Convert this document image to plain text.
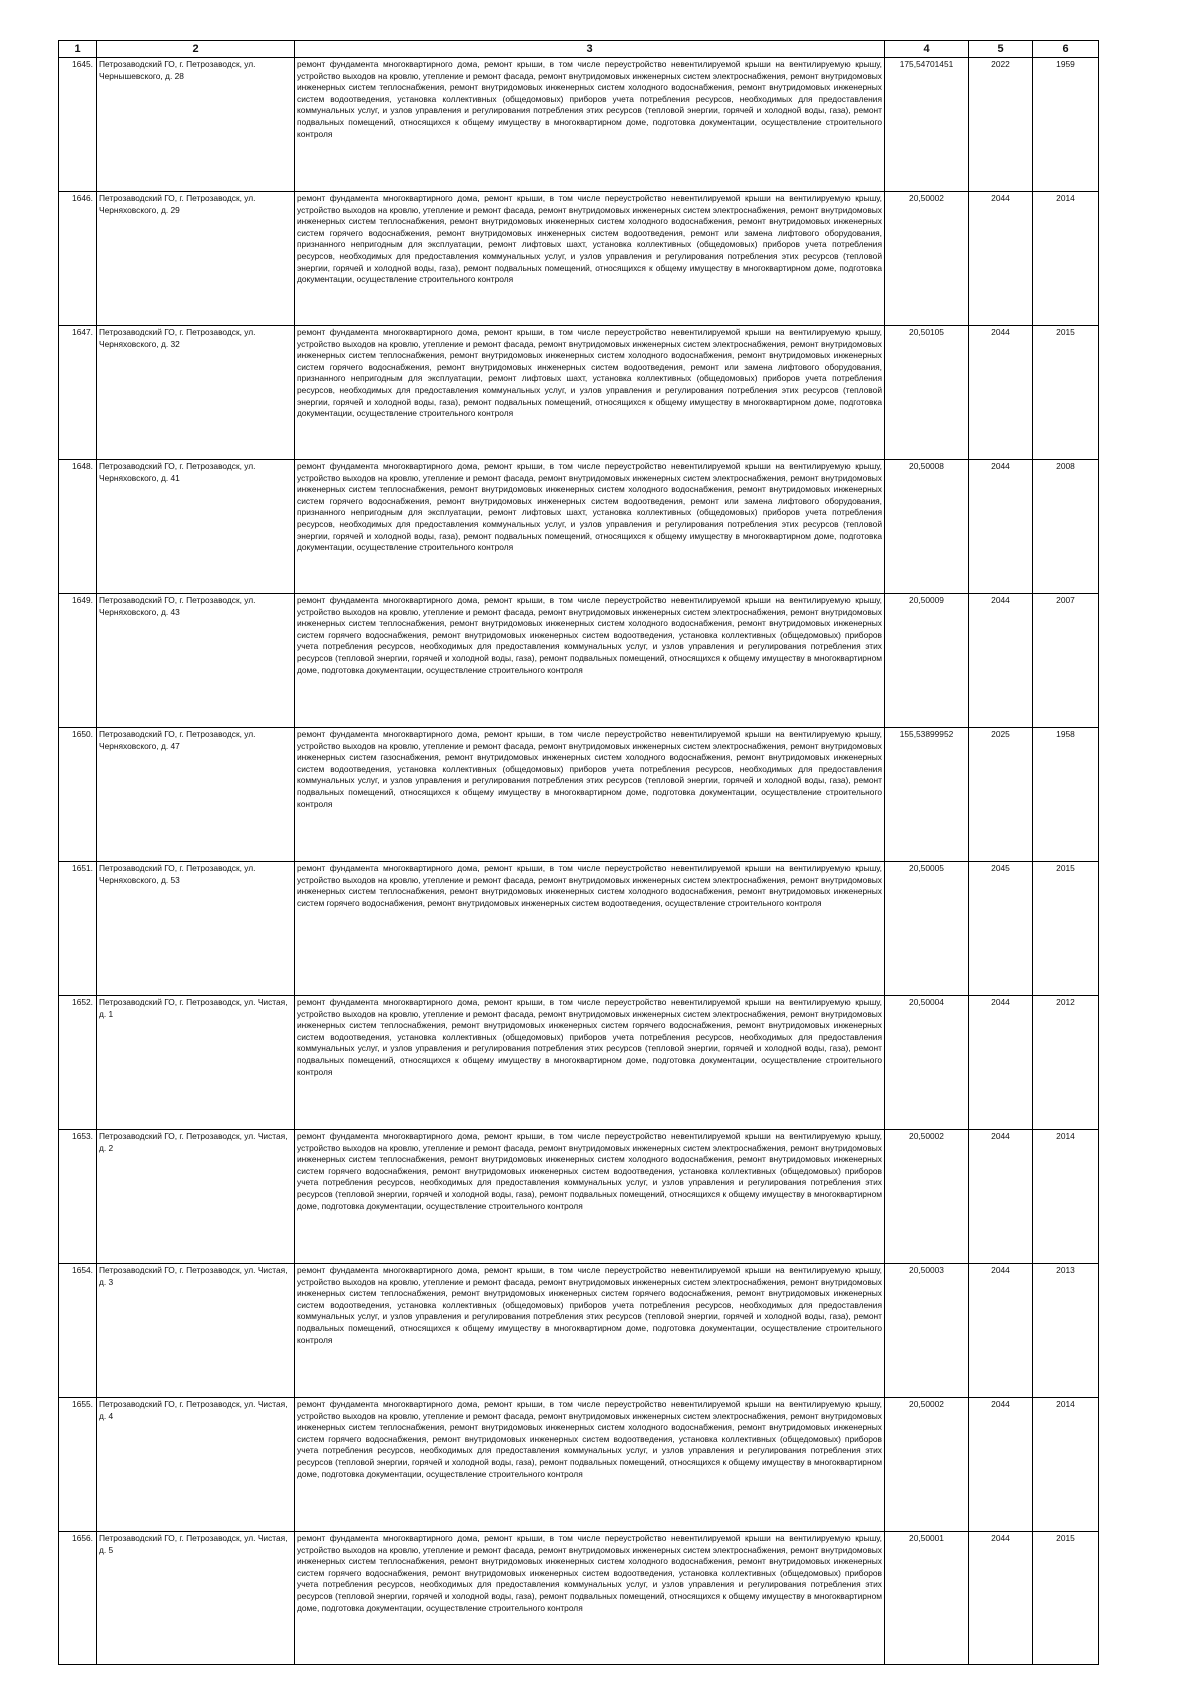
1	2	3	4	5	6
1645.	Петрозаводский ГО, г. Петрозаводск, ул. Чернышевского, д. 28	ремонт фундамента многоквартирного дома, ремонт крыши, в том числе переустройство невентилируемой крыши на вентилируемую крышу, устройство выходов на кровлю, утепление и ремонт фасада, ремонт внутридомовых инженерных систем электроснабжения, ремонт внутридомовых инженерных систем теплоснабжения, ремонт внутридомовых инженерных систем холодного водоснабжения, ремонт внутридомовых инженерных систем водоотведения, установка коллективных (общедомовых) приборов учета потребления ресурсов, необходимых для предоставления коммунальных услуг, и узлов управления и регулирования потребления этих ресурсов (тепловой энергии, горячей и холодной воды, газа), ремонт подвальных помещений, относящихся к общему имуществу в многоквартирном доме, подготовка документации, осуществление строительного контроля	175,54701451	2022	1959
1646.	Петрозаводский ГО, г. Петрозаводск, ул. Черняховского, д. 29	ремонт фундамента многоквартирного дома, ремонт крыши, в том числе переустройство невентилируемой крыши на вентилируемую крышу, устройство выходов на кровлю, утепление и ремонт фасада, ремонт внутридомовых инженерных систем электроснабжения, ремонт внутридомовых инженерных систем теплоснабжения, ремонт внутридомовых инженерных систем холодного водоснабжения, ремонт внутридомовых инженерных систем горячего водоснабжения, ремонт внутридомовых инженерных систем водоотведения, ремонт или замена лифтового оборудования, признанного непригодным для эксплуатации, ремонт лифтовых шахт, установка коллективных (общедомовых) приборов учета потребления ресурсов, необходимых для предоставления коммунальных услуг, и узлов управления и регулирования потребления этих ресурсов (тепловой энергии, горячей и холодной воды, газа), ремонт подвальных помещений, относящихся к общему имуществу в многоквартирном доме, подготовка документации, осуществление строительного контроля	20,50002	2044	2014
1647.	Петрозаводский ГО, г. Петрозаводск, ул. Черняховского, д. 32	ремонт фундамента многоквартирного дома, ремонт крыши, в том числе переустройство невентилируемой крыши на вентилируемую крышу, устройство выходов на кровлю, утепление и ремонт фасада, ремонт внутридомовых инженерных систем электроснабжения, ремонт внутридомовых инженерных систем теплоснабжения, ремонт внутридомовых инженерных систем холодного водоснабжения, ремонт внутридомовых инженерных систем горячего водоснабжения, ремонт внутридомовых инженерных систем водоотведения, ремонт или замена лифтового оборудования, признанного непригодным для эксплуатации, ремонт лифтовых шахт, установка коллективных (общедомовых) приборов учета потребления ресурсов, необходимых для предоставления коммунальных услуг, и узлов управления и регулирования потребления этих ресурсов (тепловой энергии, горячей и холодной воды, газа), ремонт подвальных помещений, относящихся к общему имуществу в многоквартирном доме, подготовка документации, осуществление строительного контроля	20,50105	2044	2015
1648.	Петрозаводский ГО, г. Петрозаводск, ул. Черняховского, д. 41	ремонт фундамента многоквартирного дома, ремонт крыши, в том числе переустройство невентилируемой крыши на вентилируемую крышу, устройство выходов на кровлю, утепление и ремонт фасада, ремонт внутридомовых инженерных систем электроснабжения, ремонт внутридомовых инженерных систем теплоснабжения, ремонт внутридомовых инженерных систем холодного водоснабжения, ремонт внутридомовых инженерных систем горячего водоснабжения, ремонт внутридомовых инженерных систем водоотведения, ремонт или замена лифтового оборудования, признанного непригодным для эксплуатации, ремонт лифтовых шахт, установка коллективных (общедомовых) приборов учета потребления ресурсов, необходимых для предоставления коммунальных услуг, и узлов управления и регулирования потребления этих ресурсов (тепловой энергии, горячей и холодной воды, газа), ремонт подвальных помещений, относящихся к общему имуществу в многоквартирном доме, подготовка документации, осуществление строительного контроля	20,50008	2044	2008
1649.	Петрозаводский ГО, г. Петрозаводск, ул. Черняховского, д. 43	ремонт фундамента многоквартирного дома, ремонт крыши, в том числе переустройство невентилируемой крыши на вентилируемую крышу, устройство выходов на кровлю, утепление и ремонт фасада, ремонт внутридомовых инженерных систем электроснабжения, ремонт внутридомовых инженерных систем теплоснабжения, ремонт внутридомовых инженерных систем холодного водоснабжения, ремонт внутридомовых инженерных систем горячего водоснабжения, ремонт внутридомовых инженерных систем водоотведения, установка коллективных (общедомовых) приборов учета потребления ресурсов, необходимых для предоставления коммунальных услуг, и узлов управления и регулирования потребления этих ресурсов (тепловой энергии, горячей и холодной воды, газа), ремонт подвальных помещений, относящихся к общему имуществу в многоквартирном доме, подготовка документации, осуществление строительного контроля	20,50009	2044	2007
1650.	Петрозаводский ГО, г. Петрозаводск, ул. Черняховского, д. 47	ремонт фундамента многоквартирного дома, ремонт крыши, в том числе переустройство невентилируемой крыши на вентилируемую крышу, устройство выходов на кровлю, утепление и ремонт фасада, ремонт внутридомовых инженерных систем электроснабжения, ремонт внутридомовых инженерных систем газоснабжения, ремонт внутридомовых инженерных систем холодного водоснабжения, ремонт внутридомовых инженерных систем водоотведения, установка коллективных (общедомовых) приборов учета потребления ресурсов, необходимых для предоставления коммунальных услуг, и узлов управления и регулирования потребления этих ресурсов (тепловой энергии, горячей и холодной воды, газа), ремонт подвальных помещений, относящихся к общему имуществу в многоквартирном доме, подготовка документации, осуществление строительного контроля	155,53899952	2025	1958
1651.	Петрозаводский ГО, г. Петрозаводск, ул. Черняховского, д. 53	ремонт фундамента многоквартирного дома, ремонт крыши, в том числе переустройство невентилируемой крыши на вентилируемую крышу, устройство выходов на кровлю, утепление и ремонт фасада, ремонт внутридомовых инженерных систем электроснабжения, ремонт внутридомовых инженерных систем теплоснабжения, ремонт внутридомовых инженерных систем холодного водоснабжения, ремонт внутридомовых инженерных систем горячего водоснабжения, ремонт внутридомовых инженерных систем водоотведения, осуществление строительного контроля	20,50005	2045	2015
1652.	Петрозаводский ГО, г. Петрозаводск, ул. Чистая, д. 1	ремонт фундамента многоквартирного дома, ремонт крыши, в том числе переустройство невентилируемой крыши на вентилируемую крышу, устройство выходов на кровлю, утепление и ремонт фасада, ремонт внутридомовых инженерных систем электроснабжения, ремонт внутридомовых инженерных систем теплоснабжения, ремонт внутридомовых инженерных систем горячего водоснабжения, ремонт внутридомовых инженерных систем водоотведения, установка коллективных (общедомовых) приборов учета потребления ресурсов, необходимых для предоставления коммунальных услуг, и узлов управления и регулирования потребления этих ресурсов (тепловой энергии, горячей и холодной воды, газа), ремонт подвальных помещений, относящихся к общему имуществу в многоквартирном доме, подготовка документации, осуществление строительного контроля	20,50004	2044	2012
1653.	Петрозаводский ГО, г. Петрозаводск, ул. Чистая, д. 2	ремонт фундамента многоквартирного дома, ремонт крыши, в том числе переустройство невентилируемой крыши на вентилируемую крышу, устройство выходов на кровлю, утепление и ремонт фасада, ремонт внутридомовых инженерных систем электроснабжения, ремонт внутридомовых инженерных систем теплоснабжения, ремонт внутридомовых инженерных систем холодного водоснабжения, ремонт внутридомовых инженерных систем горячего водоснабжения, ремонт внутридомовых инженерных систем водоотведения, установка коллективных (общедомовых) приборов учета потребления ресурсов, необходимых для предоставления коммунальных услуг, и узлов управления и регулирования потребления этих ресурсов (тепловой энергии, горячей и холодной воды, газа), ремонт подвальных помещений, относящихся к общему имуществу в многоквартирном доме, подготовка документации, осуществление строительного контроля	20,50002	2044	2014
1654.	Петрозаводский ГО, г. Петрозаводск, ул. Чистая, д. 3	ремонт фундамента многоквартирного дома, ремонт крыши, в том числе переустройство невентилируемой крыши на вентилируемую крышу, устройство выходов на кровлю, утепление и ремонт фасада, ремонт внутридомовых инженерных систем электроснабжения, ремонт внутридомовых инженерных систем теплоснабжения, ремонт внутридомовых инженерных систем горячего водоснабжения, ремонт внутридомовых инженерных систем водоотведения, установка коллективных (общедомовых) приборов учета потребления ресурсов, необходимых для предоставления коммунальных услуг, и узлов управления и регулирования потребления этих ресурсов (тепловой энергии, горячей и холодной воды, газа), ремонт подвальных помещений, относящихся к общему имуществу в многоквартирном доме, подготовка документации, осуществление строительного контроля	20,50003	2044	2013
1655.	Петрозаводский ГО, г. Петрозаводск, ул. Чистая, д. 4	ремонт фундамента многоквартирного дома, ремонт крыши, в том числе переустройство невентилируемой крыши на вентилируемую крышу, устройство выходов на кровлю, утепление и ремонт фасада, ремонт внутридомовых инженерных систем электроснабжения, ремонт внутридомовых инженерных систем теплоснабжения, ремонт внутридомовых инженерных систем холодного водоснабжения, ремонт внутридомовых инженерных систем горячего водоснабжения, ремонт внутридомовых инженерных систем водоотведения, установка коллективных (общедомовых) приборов учета потребления ресурсов, необходимых для предоставления коммунальных услуг, и узлов управления и регулирования потребления этих ресурсов (тепловой энергии, горячей и холодной воды, газа), ремонт подвальных помещений, относящихся к общему имуществу в многоквартирном доме, подготовка документации, осуществление строительного контроля	20,50002	2044	2014
1656.	Петрозаводский ГО, г. Петрозаводск, ул. Чистая, д. 5	ремонт фундамента многоквартирного дома, ремонт крыши, в том числе переустройство невентилируемой крыши на вентилируемую крышу, устройство выходов на кровлю, утепление и ремонт фасада, ремонт внутридомовых инженерных систем электроснабжения, ремонт внутридомовых инженерных систем теплоснабжения, ремонт внутридомовых инженерных систем холодного водоснабжения, ремонт внутридомовых инженерных систем горячего водоснабжения, ремонт внутридомовых инженерных систем водоотведения, установка коллективных (общедомовых) приборов учета потребления ресурсов, необходимых для предоставления коммунальных услуг, и узлов управления и регулирования потребления этих ресурсов (тепловой энергии, горячей и холодной воды, газа), ремонт подвальных помещений, относящихся к общему имуществу в многоквартирном доме, подготовка документации, осуществление строительного контроля	20,50001	2044	2015
